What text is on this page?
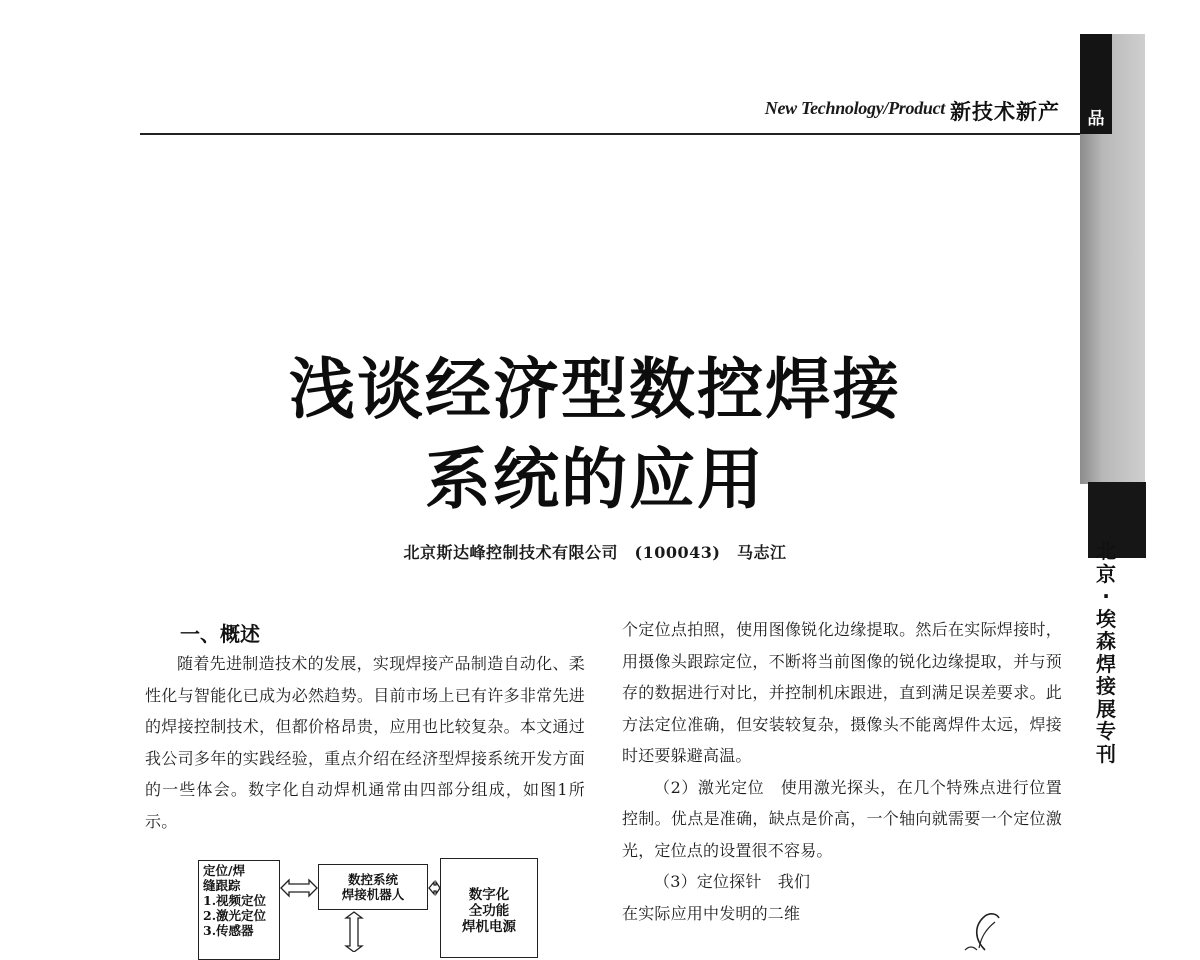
New Technology/Product 新技术新产	品
北
京
·
埃
森
焊
接
展
专
刊
浅谈经济型数控焊接
系统的应用
北京斯达峰控制技术有限公司　(100043)　马志江
一、概述

随着先进制造技术的发展，实现焊接产品制造自动化、柔性化与智能化已成为必然趋势。目前市场上已有许多非常先进的焊接控制技术，但都价格昂贵，应用也比较复杂。本文通过我公司多年的实践经验，重点介绍在经济型焊接系统开发方面的一些体会。数字化自动焊机通常由四部分组成，如图1所示。

个定位点拍照，使用图像锐化边缘提取。然后在实际焊接时，用摄像头跟踪定位，不断将当前图像的锐化边缘提取，并与预存的数据进行对比，并控制机床跟进，直到满足误差要求。此方法定位准确，但安装较复杂，摄像头不能离焊件太远，焊接时还要躲避高温。

（2）激光定位　使用激光探头，在几个特殊点进行位置控制。优点是准确，缺点是价高，一个轴向就需要一个定位激光，定位点的设置很不容易。

（3）定位探针　我们

在实际应用中发明的二维

定位/焊
缝跟踪
1.视频定位
2.激光定位
3.传感器
数控系统
焊接机器人	数字化
全功能
焊机电源
